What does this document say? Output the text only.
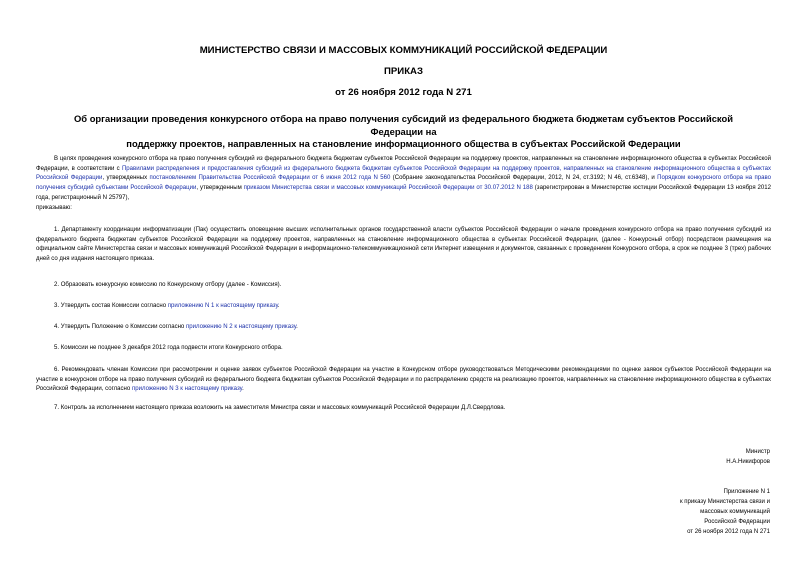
МИНИСТЕРСТВО СВЯЗИ И МАССОВЫХ КОММУНИКАЦИЙ РОССИЙСКОЙ ФЕДЕРАЦИИ
ПРИКАЗ
от 26 ноября 2012 года N 271
Об организации проведения конкурсного отбора на право получения субсидий из федерального бюджета бюджетам субъектов Российской Федерации на
поддержку проектов, направленных на становление информационного общества в субъектах Российской Федерации
В целях проведения конкурсного отбора на право получения субсидий из федерального бюджета бюджетам субъектов Российской Федерации на поддержку проектов, направленных на становление информационного общества в субъектах Российской Федерации, в соответствии с Правилами распределения и предоставления субсидий из федерального бюджета бюджетам субъектов Российской Федерации на поддержку проектов, направленных на становление информационного общества в субъектах Российской Федерации, утвержденных постановлением Правительства Российской Федерации от 6 июня 2012 года N 560 (Собрание законодательства Российской Федерации, 2012, N 24, ст.3192; N 46, ст.6348), и Порядком конкурсного отбора на право получения субсидий субъектами Российской Федерации, утвержденным приказом Министерства связи и массовых коммуникаций Российской Федерации от 30.07.2012 N 188 (зарегистрирован в Министерстве юстиции Российской Федерации 13 ноября 2012 года, регистрационный N 25797),
приказываю:
1. Департаменту координации информатизации (Пак) осуществить оповещение высших исполнительных органов государственной власти субъектов Российской Федерации о начале проведения конкурсного отбора на право получения субсидий из федерального бюджета бюджетам субъектов Российской Федерации на поддержку проектов, направленных на становление информационного общества в субъектах Российской Федерации, (далее - Конкурсный отбор) посредством размещения на официальном сайте Министерства связи и массовых коммуникаций Российской Федерации в информационно-телекоммуникационной сети Интернет извещения и документов, связанных с проведением Конкурсного отбора, в срок не позднее 3 (трех) рабочих дней со дня издания настоящего приказа.
2. Образовать конкурсную комиссию по Конкурсному отбору (далее - Комиссия).
3. Утвердить состав Комиссии согласно приложению N 1 к настоящему приказу.
4. Утвердить Положение о Комиссии согласно приложению N 2 к настоящему приказу.
5. Комиссии не позднее 3 декабря 2012 года подвести итоги Конкурсного отбора.
6. Рекомендовать членам Комиссии при рассмотрении и оценке заявок субъектов Российской Федерации на участие в Конкурсном отборе руководствоваться Методическими рекомендациями по оценке заявок субъектов Российской Федерации на участие в конкурсном отборе на право получения субсидий из федерального бюджета бюджетам субъектов Российской Федерации и по распределению средств на реализацию проектов, направленных на становление информационного общества в субъектах Российской Федерации, согласно приложению N 3 к настоящему приказу.
7. Контроль за исполнением настоящего приказа возложить на заместителя Министра связи и массовых коммуникаций Российской Федерации Д.Л.Свердлова.
Министр
Н.А.Никифоров
Приложение N 1
к приказу Министерства связи и
массовых коммуникаций
Российской Федерации
от 26 ноября 2012 года N 271
